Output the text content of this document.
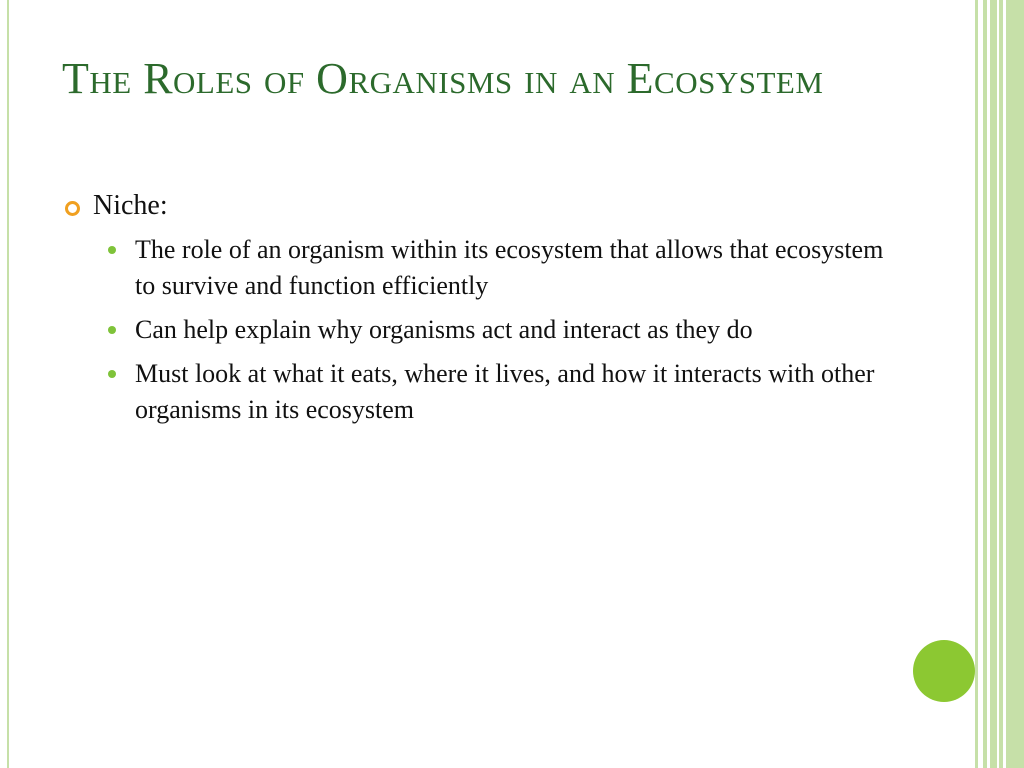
The Roles of Organisms in an Ecosystem
Niche:
The role of an organism within its ecosystem that allows that ecosystem to survive and function efficiently
Can help explain why organisms act and interact as they do
Must look at what it eats, where it lives, and how it interacts with other organisms in its ecosystem
